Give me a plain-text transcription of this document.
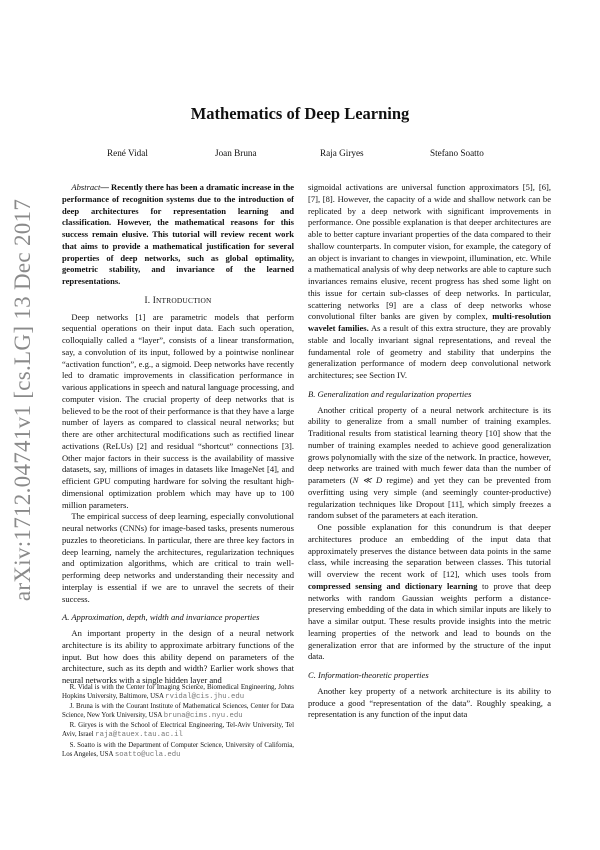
arXiv:1712.04741v1 [cs.LG] 13 Dec 2017
Mathematics of Deep Learning
René Vidal	Joan Bruna	Raja Giryes	Stefano Soatto

Abstract— Recently there has been a dramatic increase in the performance of recognition systems due to the introduction of deep architectures for representation learning and classification. However, the mathematical reasons for this success remain elusive. This tutorial will review recent work that aims to provide a mathematical justification for several properties of deep networks, such as global optimality, geometric stability, and invariance of the learned representations.

I. INTRODUCTION

Deep networks [1] are parametric models that perform sequential operations on their input data. Each such operation, colloquially called a “layer”, consists of a linear transformation, say, a convolution of its input, followed by a pointwise nonlinear “activation function”, e.g., a sigmoid. Deep networks have recently led to dramatic improvements in classification performance in various applications in speech and natural language processing, and computer vision. The crucial property of deep networks that is believed to be the root of their performance is that they have a large number of layers as compared to classical neural networks; but there are other architectural modifications such as rectified linear activations (ReLUs) [2] and residual “shortcut” connections [3]. Other major factors in their success is the availability of massive datasets, say, millions of images in datasets like ImageNet [4], and efficient GPU computing hardware for solving the resultant high-dimensional optimization problem which may have up to 100 million parameters.

The empirical success of deep learning, especially convolutional neural networks (CNNs) for image-based tasks, presents numerous puzzles to theoreticians. In particular, there are three key factors in deep learning, namely the architectures, regularization techniques and optimization algorithms, which are critical to train well-performing deep networks and understanding their necessity and interplay is essential if we are to unravel the secrets of their success.

A. Approximation, depth, width and invariance properties

An important property in the design of a neural network architecture is its ability to approximate arbitrary functions of the input. But how does this ability depend on parameters of the architecture, such as its depth and width? Earlier work shows that neural networks with a single hidden layer and

R. Vidal is with the Center for Imaging Science, Biomedical Engineering, Johns Hopkins University, Baltimore, USA rvidal@cis.jhu.edu

J. Bruna is with the Courant Institute of Mathematical Sciences, Center for Data Science, New York University, USA bruna@cims.nyu.edu

R. Giryes is with the School of Electrical Engineering, Tel-Aviv University, Tel Aviv, Israel raja@tauex.tau.ac.il

S. Soatto is with the Department of Computer Science, University of California, Los Angeles, USA soatto@ucla.edu

sigmoidal activations are universal function approximators [5], [6], [7], [8]. However, the capacity of a wide and shallow network can be replicated by a deep network with significant improvements in performance. One possible explanation is that deeper architectures are able to better capture invariant properties of the data compared to their shallow counterparts. In computer vision, for example, the category of an object is invariant to changes in viewpoint, illumination, etc. While a mathematical analysis of why deep networks are able to capture such invariances remains elusive, recent progress has shed some light on this issue for certain sub-classes of deep networks. In particular, scattering networks [9] are a class of deep networks whose convolutional filter banks are given by complex, multi-resolution wavelet families. As a result of this extra structure, they are provably stable and locally invariant signal representations, and reveal the fundamental role of geometry and stability that underpins the generalization performance of modern deep convolutional network architectures; see Section IV.

B. Generalization and regularization properties

Another critical property of a neural network architecture is its ability to generalize from a small number of training examples. Traditional results from statistical learning theory [10] show that the number of training examples needed to achieve good generalization grows polynomially with the size of the network. In practice, however, deep networks are trained with much fewer data than the number of parameters (N ≪ D regime) and yet they can be prevented from overfitting using very simple (and seemingly counter-productive) regularization techniques like Dropout [11], which simply freezes a random subset of the parameters at each iteration.

One possible explanation for this conundrum is that deeper architectures produce an embedding of the input data that approximately preserves the distance between data points in the same class, while increasing the separation between classes. This tutorial will overview the recent work of [12], which uses tools from compressed sensing and dictionary learning to prove that deep networks with random Gaussian weights perform a distance-preserving embedding of the data in which similar inputs are likely to have a similar output. These results provide insights into the metric learning properties of the network and lead to bounds on the generalization error that are informed by the structure of the input data.

C. Information-theoretic properties

Another key property of a network architecture is its ability to produce a good “representation of the data”. Roughly speaking, a representation is any function of the input data
